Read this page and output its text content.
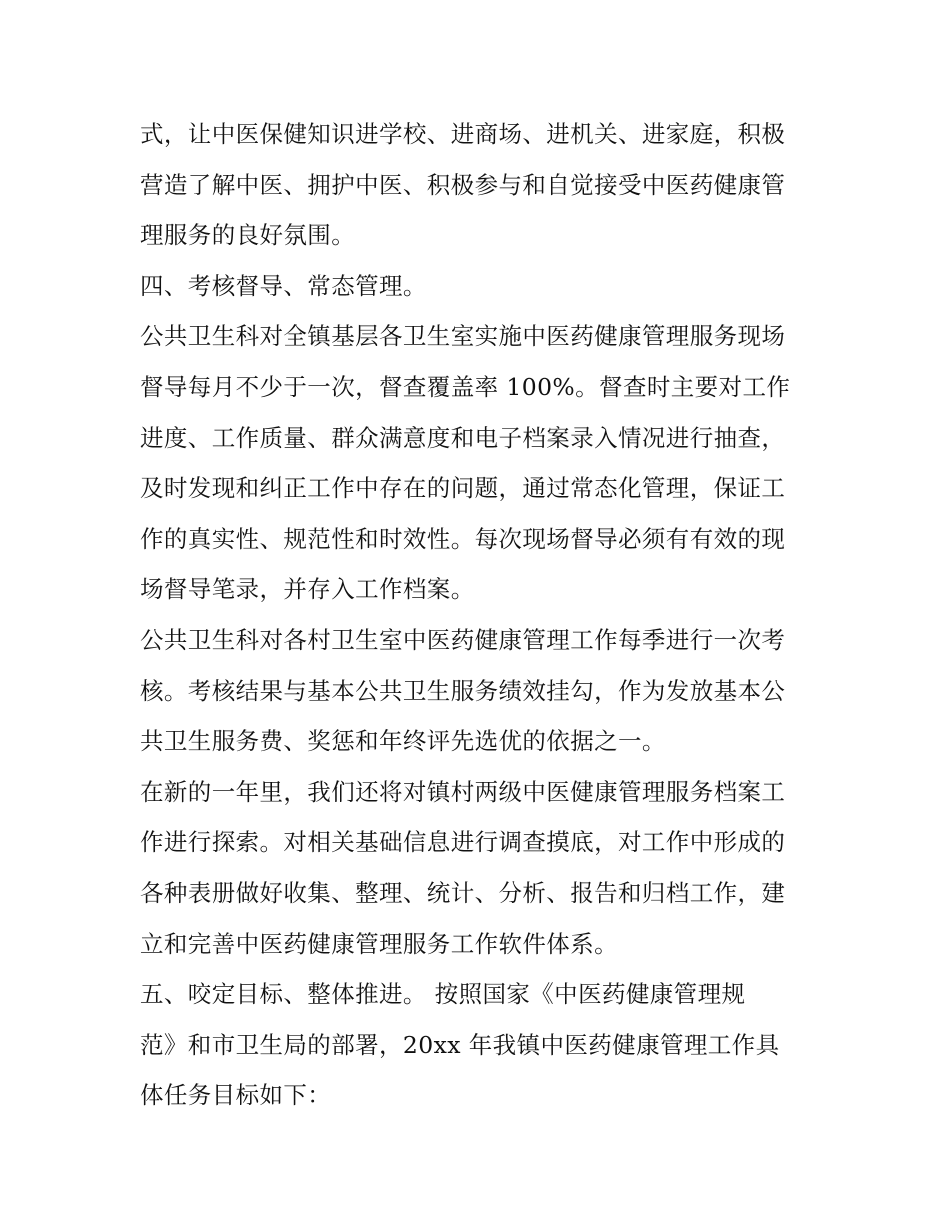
式，让中医保健知识进学校、进商场、进机关、进家庭，积极
营造了解中医、拥护中医、积极参与和自觉接受中医药健康管
理服务的良好氛围。
四、考核督导、常态管理。
公共卫生科对全镇基层各卫生室实施中医药健康管理服务现场
督导每月不少于一次，督查覆盖率 100%。督查时主要对工作
进度、工作质量、群众满意度和电子档案录入情况进行抽查，
及时发现和纠正工作中存在的问题，通过常态化管理，保证工
作的真实性、规范性和时效性。每次现场督导必须有有效的现
场督导笔录，并存入工作档案。
公共卫生科对各村卫生室中医药健康管理工作每季进行一次考
核。考核结果与基本公共卫生服务绩效挂勾，作为发放基本公
共卫生服务费、奖惩和年终评先选优的依据之一。
在新的一年里，我们还将对镇村两级中医健康管理服务档案工
作进行探索。对相关基础信息进行调查摸底，对工作中形成的
各种表册做好收集、整理、统计、分析、报告和归档工作，建
立和完善中医药健康管理服务工作软件体系。
五、咬定目标、整体推进。 按照国家《中医药健康管理规
范》和市卫生局的部署，20xx 年我镇中医药健康管理工作具
体任务目标如下：
